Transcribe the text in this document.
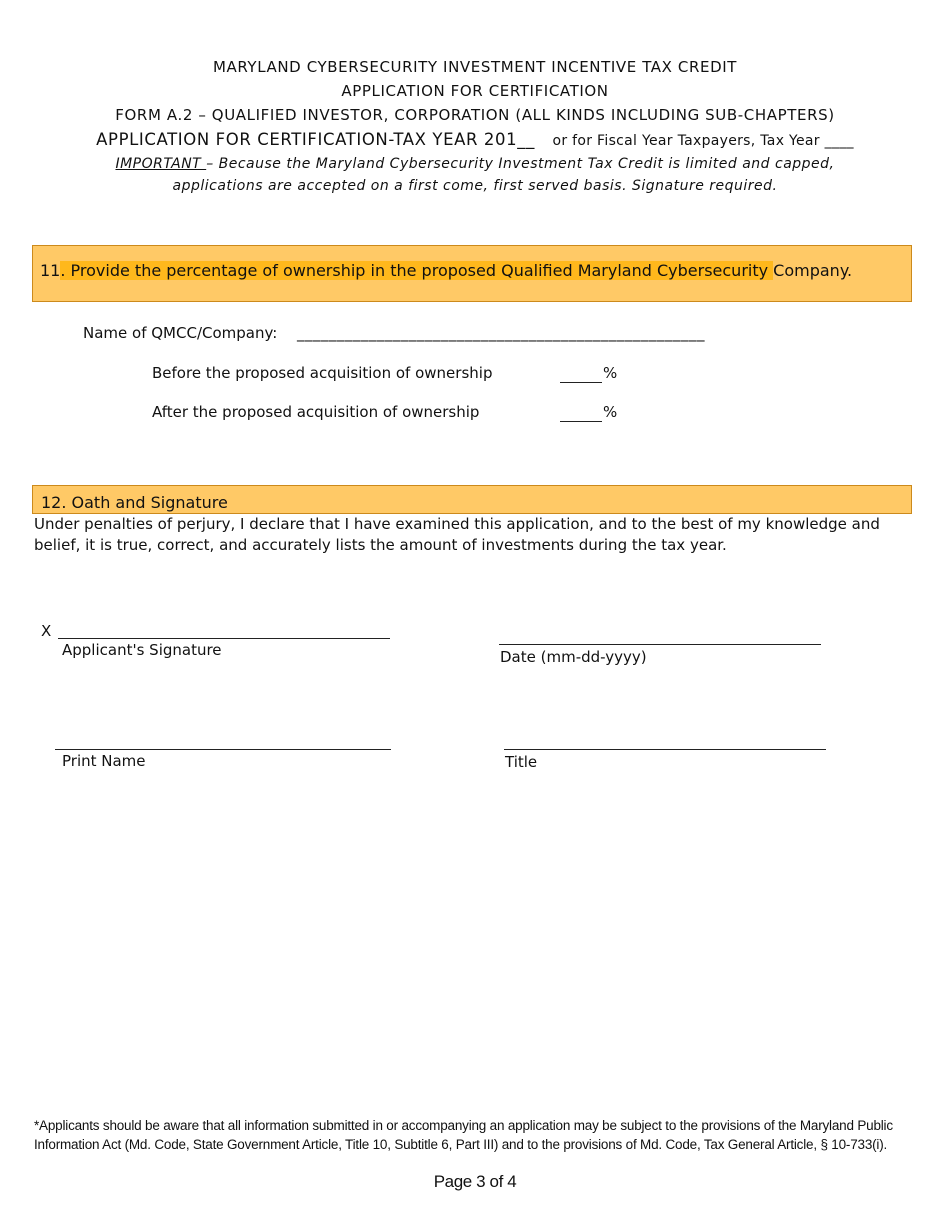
MARYLAND CYBERSECURITY INVESTMENT INCENTIVE TAX CREDIT
APPLICATION FOR CERTIFICATION
FORM A.2 – QUALIFIED INVESTOR, CORPORATION (ALL KINDS INCLUDING SUB-CHAPTERS)
APPLICATION FOR CERTIFICATION-TAX YEAR 201__ or for Fiscal Year Taxpayers, Tax Year ____
IMPORTANT – Because the Maryland Cybersecurity Investment Tax Credit is limited and capped,
applications are accepted on a first come, first served basis. Signature required.
11. Provide the percentage of ownership in the proposed Qualified Maryland Cybersecurity Company.
Name of QMCC/Company: ___________________________________________________
Before the proposed acquisition of ownership	%
After the proposed acquisition of ownership	%
12. Oath and Signature
Under penalties of perjury, I declare that I have examined this application, and to the best of my knowledge and belief, it is true, correct, and accurately lists the amount of investments during the tax year.
X
Applicant's Signature	Date (mm-dd-yyyy)
Print Name	Title
*Applicants should be aware that all information submitted in or accompanying an application may be subject to the provisions of the Maryland Public Information Act (Md. Code, State Government Article, Title 10, Subtitle 6, Part III) and to the provisions of Md. Code, Tax General Article, § 10-733(i).
Page 3 of 4
